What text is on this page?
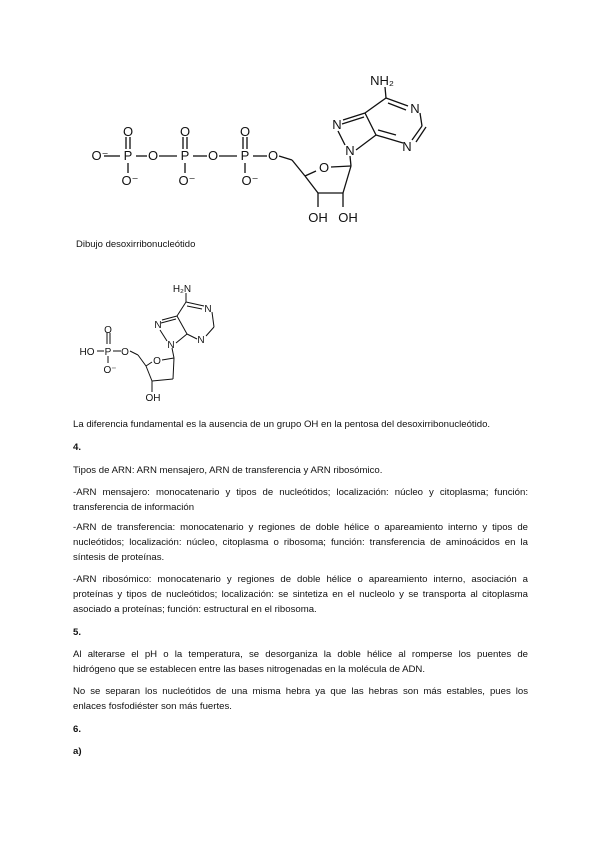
O⁻ P
O
O⁻
O P
O
O⁻
O P
O
O⁻
O
O
OH OH
N
N
N
N
NH₂
Dibujo desoxirribonucleótido
HO P
O
O⁻
O
O
OH
N
N
N
N
H₂N
La diferencia fundamental es la ausencia de un grupo OH en la pentosa del desoxirribonucleótido.
4.
Tipos de ARN: ARN mensajero, ARN de transferencia y ARN ribosómico.
-ARN mensajero: monocatenario y tipos de nucleótidos; localización: núcleo y citoplasma; función:
transferencia de información
-ARN de transferencia: monocatenario y regiones de doble hélice o apareamiento interno y tipos de
nucleótidos; localización: núcleo, citoplasma o ribosoma; función: transferencia de aminoácidos en la
síntesis de proteínas.
-ARN ribosómico: monocatenario y regiones de doble hélice o apareamiento interno, asociación a
proteínas y tipos de nucleótidos; localización: se sintetiza en el nucleolo y se transporta al citoplasma
asociado a proteínas; función: estructural en el ribosoma.
5.
Al alterarse el pH o la temperatura, se desorganiza la doble hélice al romperse los puentes de
hidrógeno que se establecen entre las bases nitrogenadas en la molécula de ADN.
No se separan los nucleótidos de una misma hebra ya que las hebras son más estables, pues los
enlaces fosfodiéster son más fuertes.
6.
a)
